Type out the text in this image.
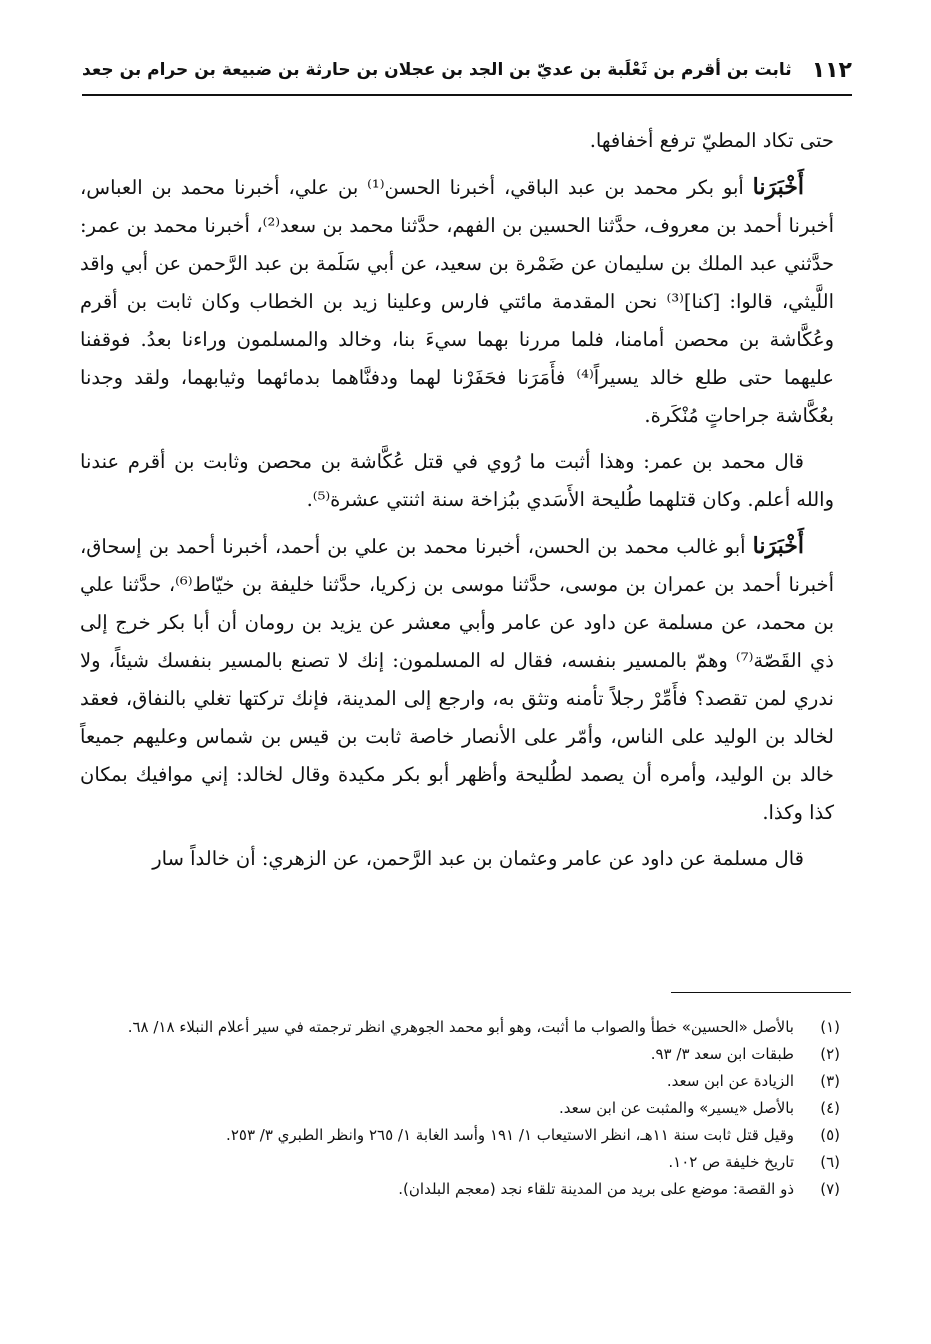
١١٢
ثابت بن أقرم بن ثَعْلَبة بن عديّ بن الجد بن عجلان بن حارثة بن ضبيعة بن حرام بن جعد

حتى تكاد المطيّ ترفع أخفافها.

أَخْبَرَنا أبو بكر محمد بن عبد الباقي، أخبرنا الحسن⁽¹⁾ بن علي، أخبرنا محمد بن العباس، أخبرنا أحمد بن معروف، حدَّثنا الحسين بن الفهم، حدَّثنا محمد بن سعد⁽²⁾، أخبرنا محمد بن عمر: حدَّثني عبد الملك بن سليمان عن ضَمْرة بن سعيد، عن أبي سَلَمة بن عبد الرَّحمن عن أبي واقد اللَّيثي، قالوا: [كنا]⁽³⁾ نحن المقدمة مائتي فارس وعلينا زيد بن الخطاب وكان ثابت بن أقرم وعُكَّاشة بن محصن أمامنا، فلما مررنا بهما سيءَ بنا، وخالد والمسلمون وراءنا بعدُ. فوقفنا عليهما حتى طلع خالد يسيراً⁽⁴⁾ فأَمَرَنا فحَفَرْنا لهما ودفنَّاهما بدمائهما وثيابهما، ولقد وجدنا بعُكَّاشة جراحاتٍ مُنْكَرة.

قال محمد بن عمر: وهذا أثبت ما رُوي في قتل عُكَّاشة بن محصن وثابت بن أقرم عندنا والله أعلم. وكان قتلهما طُليحة الأَسَدي ببُزاخة سنة اثنتي عشرة⁽⁵⁾.

أَخْبَرَنا أبو غالب محمد بن الحسن، أخبرنا محمد بن علي بن أحمد، أخبرنا أحمد بن إسحاق، أخبرنا أحمد بن عمران بن موسى، حدَّثنا موسى بن زكريا، حدَّثنا خليفة بن خيّاط⁽⁶⁾، حدَّثنا علي بن محمد، عن مسلمة عن داود عن عامر وأبي معشر عن يزيد بن رومان أن أبا بكر خرج إلى ذي القَصّة⁽⁷⁾ وهمّ بالمسير بنفسه، فقال له المسلمون: إنك لا تصنع بالمسير بنفسك شيئاً، ولا ندري لمن تقصد؟ فأَمِّرْ رجلاً تأمنه وتثق به، وارجع إلى المدينة، فإنك تركتها تغلي بالنفاق، فعقد لخالد بن الوليد على الناس، وأمّر على الأنصار خاصة ثابت بن قيس بن شماس وعليهم جميعاً خالد بن الوليد، وأمره أن يصمد لطُليحة وأظهر أبو بكر مكيدة وقال لخالد: إني موافيك بمكان كذا وكذا.

قال مسلمة عن داود عن عامر وعثمان بن عبد الرَّحمن، عن الزهري: أن خالداً سار

(١)
بالأصل «الحسين» خطأ والصواب ما أثبت، وهو أبو محمد الجوهري انظر ترجمته في سير أعلام النبلاء ١٨/ ٦٨.
(٢)
طبقات ابن سعد ٣/ ٩٣.
(٣)
الزيادة عن ابن سعد.
(٤)
بالأصل «يسير» والمثبت عن ابن سعد.
(٥)
وقيل قتل ثابت سنة ١١هـ، انظر الاستيعاب ١/ ١٩١ وأسد الغابة ١/ ٢٦٥ وانظر الطبري ٣/ ٢٥٣.
(٦)
تاريخ خليفة ص ١٠٢.
(٧)
ذو القصة: موضع على بريد من المدينة تلقاء نجد (معجم البلدان).
